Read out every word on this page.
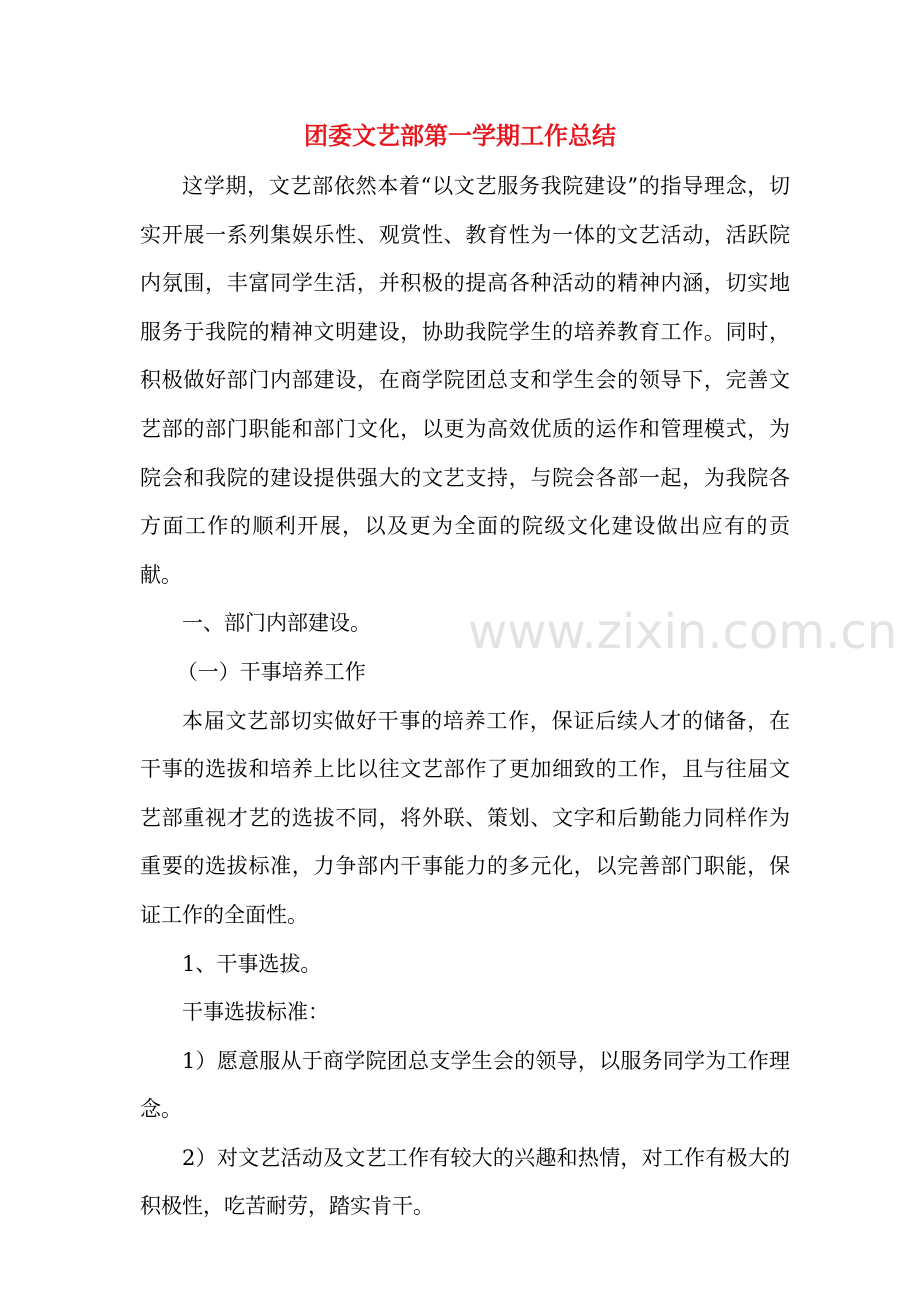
团委文艺部第一学期工作总结

这学期，文艺部依然本着“以文艺服务我院建设”的指导理念，切实开展一系列集娱乐性、观赏性、教育性为一体的文艺活动，活跃院内氛围，丰富同学生活，并积极的提高各种活动的精神内涵，切实地服务于我院的精神文明建设，协助我院学生的培养教育工作。同时，积极做好部门内部建设，在商学院团总支和学生会的领导下，完善文艺部的部门职能和部门文化，以更为高效优质的运作和管理模式，为院会和我院的建设提供强大的文艺支持，与院会各部一起，为我院各方面工作的顺利开展，以及更为全面的院级文化建设做出应有的贡献。

一、部门内部建设。

（一）干事培养工作

本届文艺部切实做好干事的培养工作，保证后续人才的储备，在干事的选拔和培养上比以往文艺部作了更加细致的工作，且与往届文艺部重视才艺的选拔不同，将外联、策划、文字和后勤能力同样作为重要的选拔标准，力争部内干事能力的多元化，以完善部门职能，保证工作的全面性。

1、干事选拔。

干事选拔标准：

1）愿意服从于商学院团总支学生会的领导，以服务同学为工作理念。

2）对文艺活动及文艺工作有较大的兴趣和热情，对工作有极大的积极性，吃苦耐劳，踏实肯干。

www.zixin.com.cn
